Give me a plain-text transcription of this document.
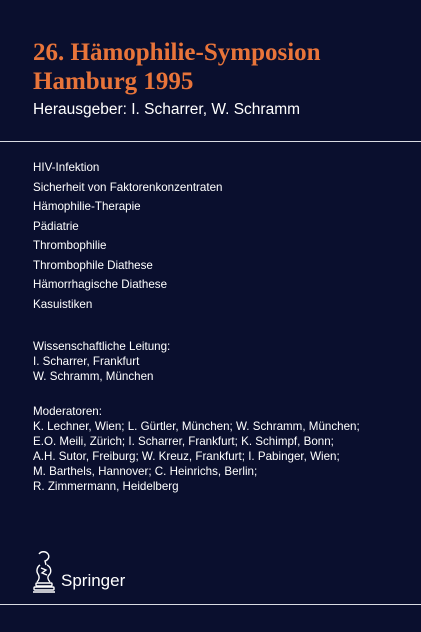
26. Hämophilie-Symposion
Hamburg 1995
Herausgeber: I. Scharrer, W. Schramm
HIV-Infektion
Sicherheit von Faktorenkonzentraten
Hämophilie-Therapie
Pädiatrie
Thrombophilie
Thrombophile Diathese
Hämorrhagische Diathese
Kasuistiken
Wissenschaftliche Leitung:
I. Scharrer, Frankfurt
W. Schramm, München
Moderatoren:
K. Lechner, Wien; L. Gürtler, München; W. Schramm, München;
E.O. Meili, Zürich; I. Scharrer, Frankfurt; K. Schimpf, Bonn;
A.H. Sutor, Freiburg; W. Kreuz, Frankfurt; I. Pabinger, Wien;
M. Barthels, Hannover; C. Heinrichs, Berlin;
R. Zimmermann, Heidelberg
Springer
